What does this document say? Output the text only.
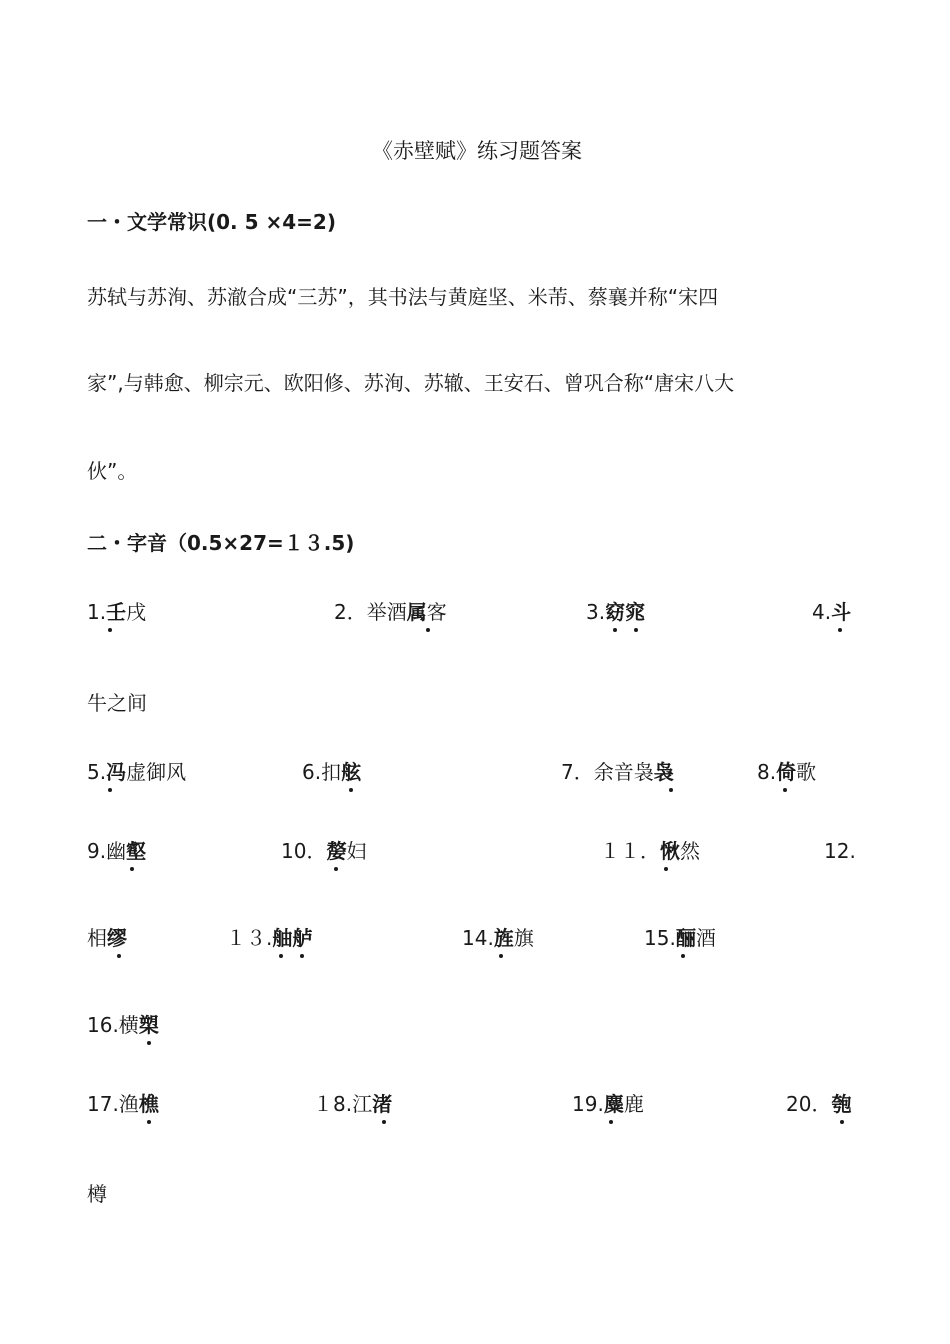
《赤壁赋》练习题答案
一・文学常识(0. 5 ×4=2)
苏轼与苏洵、苏澈合成“三苏”，其书法与黄庭坚、米芾、蔡襄并称“宋四
家”,与韩愈、柳宗元、欧阳修、苏洵、苏辙、王安石、曾巩合称“唐宋八大
伙”。
二・字音（0.5×27=１３.5)
1.壬戌	2．举酒属客	3.窈窕	4.斗
牛之间
5.冯虚御风	6.扣舷	7．余音袅袅	8.倚歌
9.幽壑	10．嫠妇	１１．愀然	12.
相缪	１３.舳舻	14.旌旗	15.酾酒
16.横槊
17.渔樵	１8.江渚	19.麋鹿	20．匏
樽
